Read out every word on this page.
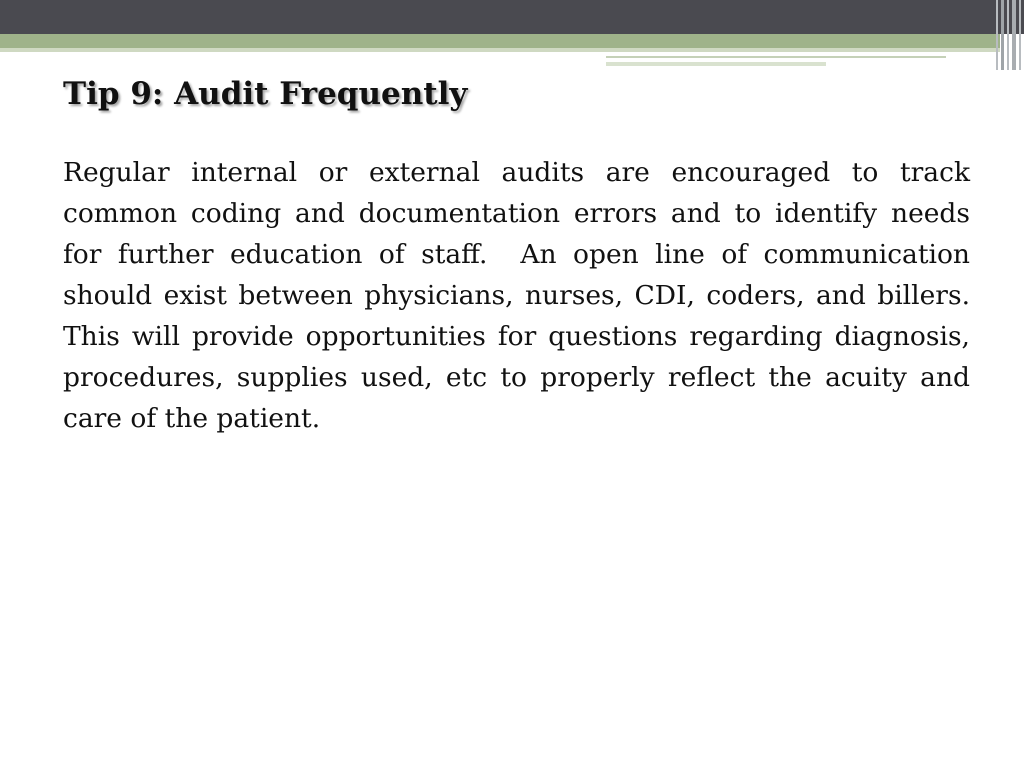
Tip 9: Audit Frequently

Regular internal or external audits are encouraged to track common coding and documentation errors and to identify needs for further education of staff.  An open line of communication should exist between physicians, nurses, CDI, coders, and billers.  This will provide opportunities for questions regarding diagnosis, procedures, supplies used, etc to properly reflect the acuity and care of the patient.
